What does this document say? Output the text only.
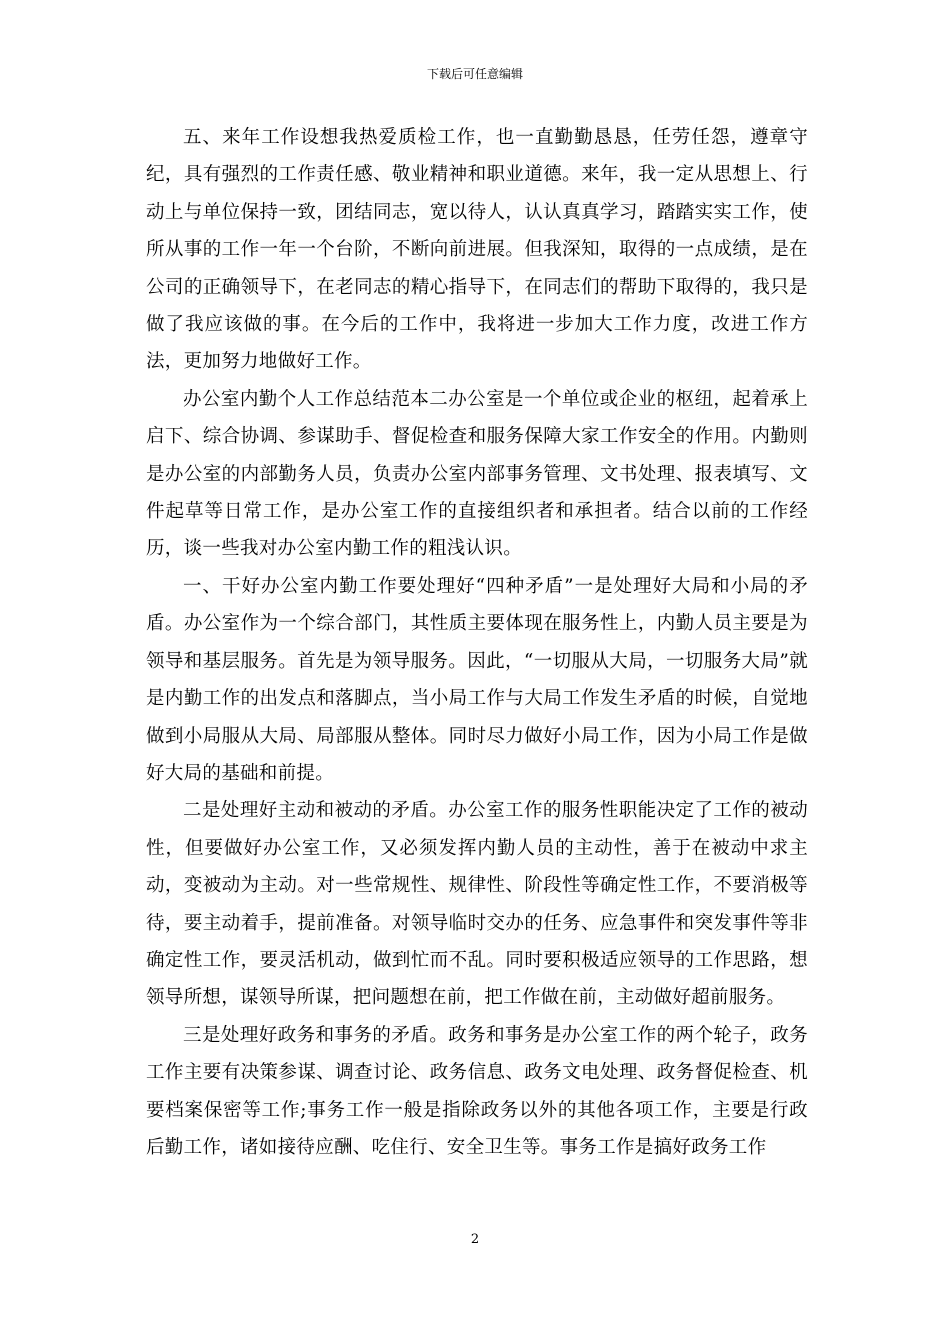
下载后可任意编辑

五、来年工作设想我热爱质检工作，也一直勤勤恳恳，任劳任怨，遵章守纪，具有强烈的工作责任感、敬业精神和职业道德。来年，我一定从思想上、行动上与单位保持一致，团结同志，宽以待人，认认真真学习，踏踏实实工作，使所从事的工作一年一个台阶，不断向前进展。但我深知，取得的一点成绩，是在公司的正确领导下，在老同志的精心指导下，在同志们的帮助下取得的，我只是做了我应该做的事。在今后的工作中，我将进一步加大工作力度，改进工作方法，更加努力地做好工作。

办公室内勤个人工作总结范本二办公室是一个单位或企业的枢纽，起着承上启下、综合协调、参谋助手、督促检查和服务保障大家工作安全的作用。内勤则是办公室的内部勤务人员，负责办公室内部事务管理、文书处理、报表填写、文件起草等日常工作，是办公室工作的直接组织者和承担者。结合以前的工作经历，谈一些我对办公室内勤工作的粗浅认识。

一、干好办公室内勤工作要处理好“四种矛盾”一是处理好大局和小局的矛盾。办公室作为一个综合部门，其性质主要体现在服务性上，内勤人员主要是为领导和基层服务。首先是为领导服务。因此，“一切服从大局，一切服务大局”就是内勤工作的出发点和落脚点，当小局工作与大局工作发生矛盾的时候，自觉地做到小局服从大局、局部服从整体。同时尽力做好小局工作，因为小局工作是做好大局的基础和前提。

二是处理好主动和被动的矛盾。办公室工作的服务性职能决定了工作的被动性，但要做好办公室工作，又必须发挥内勤人员的主动性，善于在被动中求主动，变被动为主动。对一些常规性、规律性、阶段性等确定性工作，不要消极等待，要主动着手，提前准备。对领导临时交办的任务、应急事件和突发事件等非确定性工作，要灵活机动，做到忙而不乱。同时要积极适应领导的工作思路，想领导所想，谋领导所谋，把问题想在前，把工作做在前，主动做好超前服务。

三是处理好政务和事务的矛盾。政务和事务是办公室工作的两个轮子，政务工作主要有决策参谋、调查讨论、政务信息、政务文电处理、政务督促检查、机要档案保密等工作;事务工作一般是指除政务以外的其他各项工作，主要是行政后勤工作，诸如接待应酬、吃住行、安全卫生等。事务工作是搞好政务工作

2
